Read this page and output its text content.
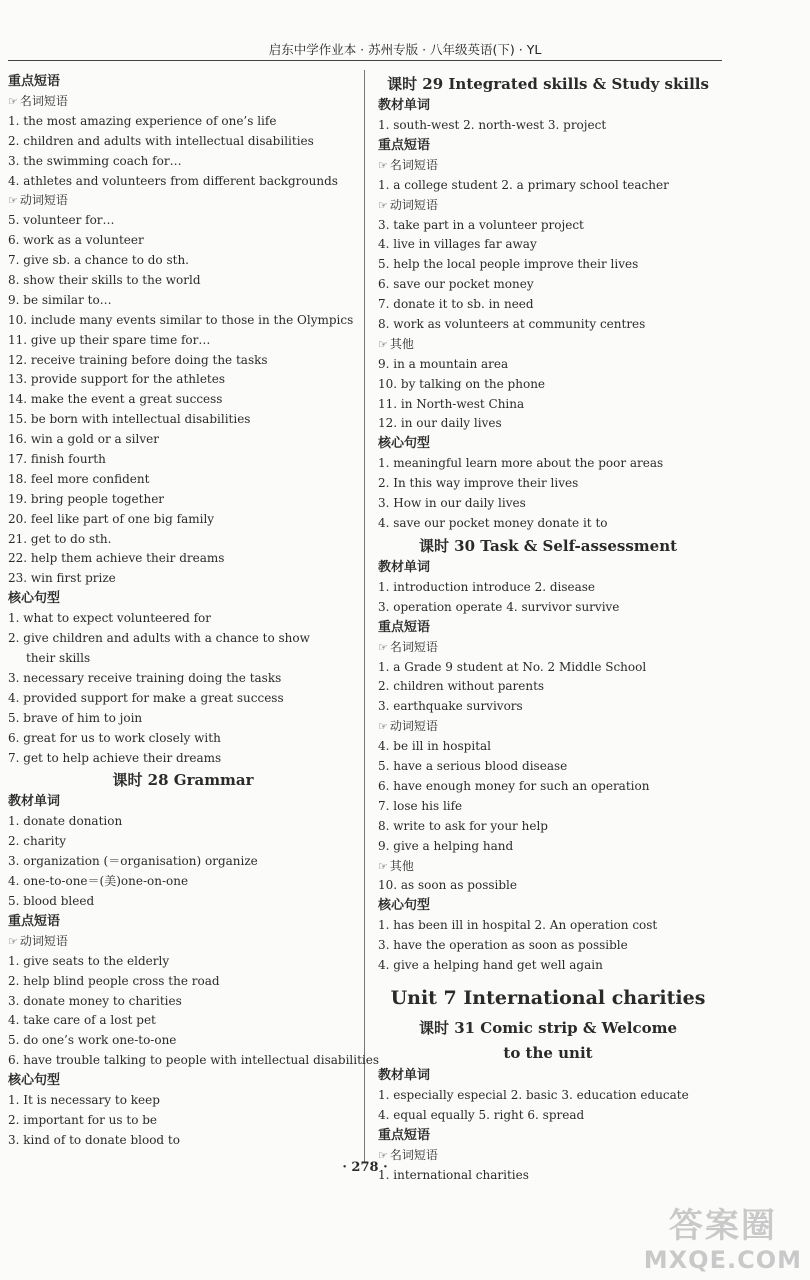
启东中学作业本 · 苏州专版 · 八年级英语(下) · YL
重点短语
☞ 名词短语
1. the most amazing experience of one’s life
2. children and adults with intellectual disabilities
3. the swimming coach for…
4. athletes and volunteers from different backgrounds
☞ 动词短语
5. volunteer for…
6. work as a volunteer
7. give sb. a chance to do sth.
8. show their skills to the world
9. be similar to…
10. include many events similar to those in the Olympics
11. give up their spare time for…
12. receive training before doing the tasks
13. provide support for the athletes
14. make the event a great success
15. be born with intellectual disabilities
16. win a gold or a silver
17. finish fourth
18. feel more confident
19. bring people together
20. feel like part of one big family
21. get to do sth.
22. help them achieve their dreams
23. win first prize
核心句型
1. what to expect volunteered for
2. give children and adults with a chance to show
their skills
3. necessary receive training doing the tasks
4. provided support for make a great success
5. brave of him to join
6. great for us to work closely with
7. get to help achieve their dreams
课时 28 Grammar
教材单词
1. donate donation
2. charity
3. organization (＝organisation) organize
4. one-to-one＝(美)one-on-one
5. blood bleed
重点短语
☞ 动词短语
1. give seats to the elderly
2. help blind people cross the road
3. donate money to charities
4. take care of a lost pet
5. do one’s work one-to-one
6. have trouble talking to people with intellectual disabilities
核心句型
1. It is necessary to keep
2. important for us to be
3. kind of to donate blood to
课时 29 Integrated skills & Study skills
教材单词
1. south-west 2. north-west 3. project
重点短语
☞ 名词短语
1. a college student 2. a primary school teacher
☞ 动词短语
3. take part in a volunteer project
4. live in villages far away
5. help the local people improve their lives
6. save our pocket money
7. donate it to sb. in need
8. work as volunteers at community centres
☞ 其他
9. in a mountain area
10. by talking on the phone
11. in North-west China
12. in our daily lives
核心句型
1. meaningful learn more about the poor areas
2. In this way improve their lives
3. How in our daily lives
4. save our pocket money donate it to
课时 30 Task & Self-assessment
教材单词
1. introduction introduce 2. disease
3. operation operate 4. survivor survive
重点短语
☞ 名词短语
1. a Grade 9 student at No. 2 Middle School
2. children without parents
3. earthquake survivors
☞ 动词短语
4. be ill in hospital
5. have a serious blood disease
6. have enough money for such an operation
7. lose his life
8. write to ask for your help
9. give a helping hand
☞ 其他
10. as soon as possible
核心句型
1. has been ill in hospital 2. An operation cost
3. have the operation as soon as possible
4. give a helping hand get well again
Unit 7 International charities
课时 31 Comic strip & Welcome
to the unit
教材单词
1. especially especial 2. basic 3. education educate
4. equal equally 5. right 6. spread
重点短语
☞ 名词短语
1. international charities
· 278 ·
答案圈
MXQE.COM
